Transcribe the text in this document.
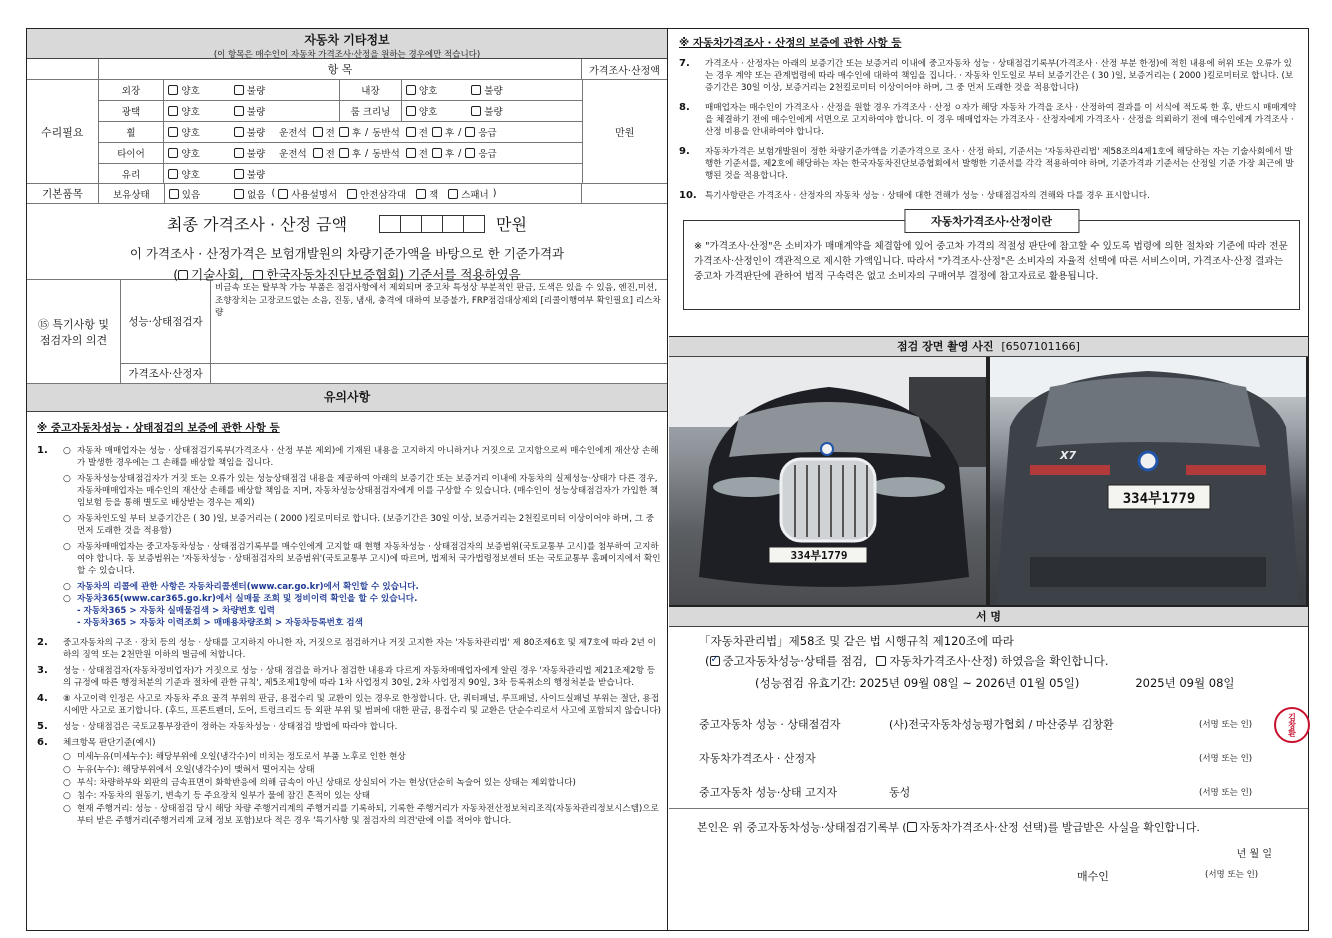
자동차 기타정보
(이 항목은 매수인이 자동차 가격조사·산정을 원하는 경우에만 적습니다)
항 목	가격조사·산정액
수리필요
외장	양호	불량	내장	양호	불량
광택	양호	불량	룸 크리닝	양호	불량
휠	양호	불량 운전석 전 후 / 동반석 전 후 / 응급
타이어	양호	불량 운전석 전 후 / 동반석 전 후 / 응급
유리	양호	불량
만원
기본품목	보유상태	있음	없음 (	사용설명서	안전삼각대	잭	스패너 )
최종 가격조사 · 산정 금액	만원
이 가격조사 · 산정가격은 보험개발원의 차량기준가액을 바탕으로 한 기준가격과
( 기술사회, 한국자동차진단보증협회) 기준서를 적용하였음
⑮ 특기사항 및 점검자의 의견
성능·상태점검자
비금속 또는 탈부착 가능 부품은 점검사항에서 제외되며 중고차 특성상 부분적인 판금, 도색은 있을 수 있음, 엔진,미션, 조향장치는 고장코드없는 소음, 진동, 냄새, 충격에 대하여 보증불가, FRP점검대상제외 [리콜이행여부 확인필요] 리스차량
가격조사·산정자
유의사항
※ 중고자동차성능 · 상태점검의 보증에 관한 사항 등
1.	○ 자동차 매매업자는 성능 · 상태점검기록부(가격조사 · 산정 부분 제외)에 기재된 내용을 고지하지 아니하거나 거짓으로 고지함으로써 매수인에게 재산상 손해가 발생한 경우에는 그 손해를 배상할 책임을 집니다.
○ 자동차성능상태점검자가 거짓 또는 오류가 있는 성능상태점검 내용을 제공하여 아래의 보증기간 또는 보증거리 이내에 자동차의 실제성능·상태가 다른 경우, 자동차매매업자는 매수인의 재산상 손해를 배상할 책임을 지며, 자동차성능상태점검자에게 이를 구상할 수 있습니다. (매수인이 성능상태점검자가 가입한 책임보험 등을 통해 별도로 배상받는 경우는 제외)
○ 자동차인도일 부터 보증기간은 ( 30 )일, 보증거리는 ( 2000 )킬로미터로 합니다. (보증기간은 30일 이상, 보증거리는 2천킬로미터 이상이어야 하며, 그 중 먼저 도래한 것을 적용함)
○ 자동차매매업자는 중고자동차성능 · 상태점검기록부를 매수인에게 고지할 때 현행 자동차성능 · 상태점검자의 보증범위(국토교통부 고시)를 첨부하여 고지하여야 합니다. 동 보증범위는 '자동차성능 · 상태점검자의 보증범위'(국토교통부 고시)에 따르며, 법제처 국가법령정보센터 또는 국토교통부 홈페이지에서 확인할 수 있습니다.
○ 자동차의 리콜에 관한 사항은 자동차리콜센터(www.car.go.kr)에서 확인할 수 있습니다.
○ 자동차365(www.car365.go.kr)에서 실매물 조회 및 정비이력 확인을 할 수 있습니다.
- 자동차365 > 자동차 실매물검색 > 차량번호 입력
- 자동차365 > 자동차 이력조회 > 매매용차량조회 > 자동차등록번호 검색
2.	중고자동차의 구조 · 장치 등의 성능 · 상태를 고지하지 아니한 자, 거짓으로 점검하거나 거짓 고지한 자는 '자동차관리법' 제 80조제6호 및 제7호에 따라 2년 이하의 징역 또는 2천만원 이하의 벌금에 처합니다.
3.	성능 · 상태점검자(자동차정비업자)가 거짓으로 성능 · 상태 점검을 하거나 점검한 내용과 다르게 자동차매매업자에게 알린 경우 '자동차관리법 제21조제2항 등의 규정에 따른 행정처분의 기준과 절차에 관한 규칙', 제5조제1항에 따라 1차 사업정지 30일, 2차 사업정지 90일, 3차 등록취소의 행정처분을 받습니다.
4.	⑧ 사고이력 인정은 사고로 자동차 주요 골격 부위의 판금, 용접수리 및 교환이 있는 경우로 한정합니다. 단, 쿼터패널, 루프패널, 사이드실패널 부위는 절단, 용접 시에만 사고로 표기합니다. (후드, 프론트펜더, 도어, 트렁크리드 등 외판 부위 및 범퍼에 대한 판금, 용접수리 및 교환은 단순수리로서 사고에 포함되지 않습니다)
5.	성능 · 상태점검은 국토교통부장관이 정하는 자동차성능 · 상태점검 방법에 따라야 합니다.
6.	체크항목 판단기준(예시)
○ 미세누유(미세누수): 해당부위에 오일(냉각수)이 비치는 정도로서 부품 노후로 인한 현상
○ 누유(누수): 해당부위에서 오일(냉각수)이 맺혀서 떨어지는 상태
○ 부식: 차량하부와 외판의 금속표면이 화학반응에 의해 금속이 아닌 상태로 상실되어 가는 현상(단순히 녹슬어 있는 상태는 제외합니다)
○ 침수: 자동차의 원동기, 변속기 등 주요장치 일부가 물에 잠긴 흔적이 있는 상태
○ 현재 주행거리: 성능 · 상태점검 당시 해당 차량 주행거리계의 주행거리를 기록하되, 기록한 주행거리가 자동차전산정보처리조직(자동차관리정보시스템)으로부터 받은 주행거리(주행거리계 교체 정보 포함)보다 적은 경우 '특기사항 및 점검자의 의견'란에 이를 적어야 합니다.
※ 자동차가격조사 · 산정의 보증에 관한 사항 등
7.	가격조사 · 산정자는 아래의 보증기간 또는 보증거리 이내에 중고자동차 성능 · 상태점검기록부(가격조사 · 산정 부분 한정)에 적힌 내용에 허위 또는 오류가 있는 경우 계약 또는 관계법령에 따라 매수인에 대하여 책임을 집니다. · 자동차 인도일로 부터 보증기간은 ( 30 )일, 보증거리는 ( 2000 )킬로미터로 합니다. (보증기간은 30일 이상, 보증거리는 2천킬로미터 이상이어야 하며, 그 중 먼저 도래한 것을 적용합니다)
8.	매매업자는 매수인이 가격조사 · 산정을 원할 경우 가격조사 · 산정 ㅇ자가 해당 자동차 가격을 조사 · 산정하여 결과를 이 서식에 적도록 한 후, 반드시 매매계약을 체결하기 전에 매수인에게 서면으로 고지하여야 합니다. 이 경우 매매업자는 가격조사 · 산정자에게 가격조사 · 산정을 의뢰하기 전에 매수인에게 가격조사 · 산정 비용을 안내하여야 합니다.
9.	자동차가격은 보험개발원이 정한 차량기준가액을 기준가격으로 조사 · 산정 하되, 기준서는 '자동차관리법' 제58조의4제1호에 해당하는 자는 기술사회에서 발행한 기준서를, 제2호에 해당하는 자는 한국자동차진단보증협회에서 발행한 기준서를 각각 적용하여야 하며, 기준가격과 기준서는 산정일 기준 가장 최근에 발행된 것을 적용합니다.
10. 특기사항란은 가격조사 · 산정자의 자동차 성능 · 상태에 대한 견해가 성능 · 상태점검자의 견해와 다를 경우 표시합니다.
자동차가격조사·산정이란
※ "가격조사·산정"은 소비자가 매매계약을 체결함에 있어 중고차 가격의 적절성 판단에 참고할 수 있도록 법령에 의한 절차와 기준에 따라 전문 가격조사·산정인이 객관적으로 제시한 가액입니다. 따라서 "가격조사·산정"은 소비자의 자율적 선택에 따른 서비스이며, 가격조사·산정 결과는 중고차 가격판단에 관하여 법적 구속력은 없고 소비자의 구매여부 결정에 참고자료로 활용됩니다.
점검 장면 촬영 사진 [6507101166]
334부1779
X7
334부1779
서 명
「자동차관리법」제58조 및 같은 법 시행규칙 제120조에 따라
(✓ 중고자동차성능·상태를 점검, 자동차가격조사·산정) 하였음을 확인합니다.
(성능점검 유효기간: 2025년 09월 08일 ~ 2026년 01월 05일)	2025년 09월 08일
중고자동차 성능 · 상태점검자	(사)전국자동차성능평가협회 / 마산중부 김창환	(서명 또는 인)	김창환
자동차가격조사 · 산정자	(서명 또는 인)
중고자동차 성능·상태 고지자	동성	(서명 또는 인)
본인은 위 중고자동차성능·상태점검기록부 ( 자동차가격조사·산정 선택)를 발급받은 사실을 확인합니다.
년 월 일
매수인	(서명 또는 인)
